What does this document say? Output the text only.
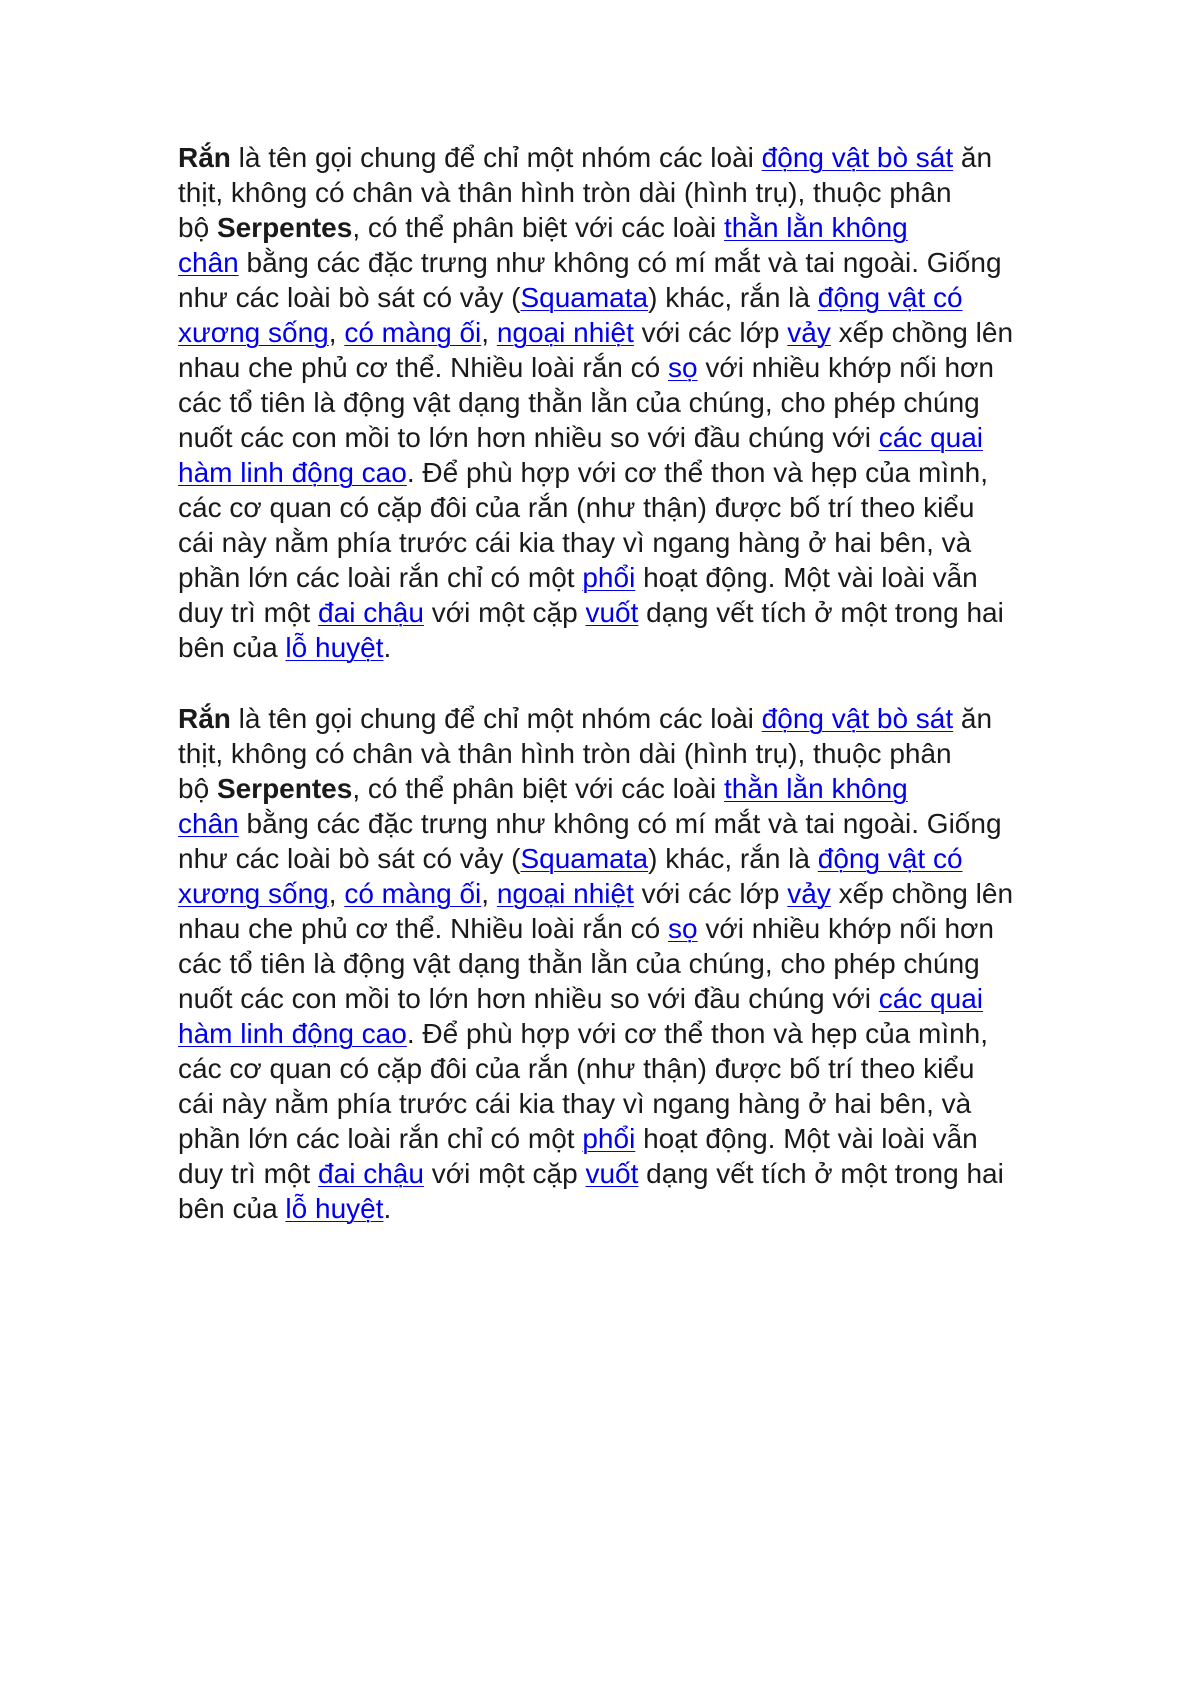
Rắn là tên gọi chung để chỉ một nhóm các loài động vật bò sát ăn
thịt, không có chân và thân hình tròn dài (hình trụ), thuộc phân
bộ Serpentes, có thể phân biệt với các loài thằn lằn không
chân bằng các đặc trưng như không có mí mắt và tai ngoài. Giống
như các loài bò sát có vảy (Squamata) khác, rắn là động vật có
xương sống, có màng ối, ngoại nhiệt với các lớp vảy xếp chồng lên
nhau che phủ cơ thể. Nhiều loài rắn có sọ với nhiều khớp nối hơn
các tổ tiên là động vật dạng thằn lằn của chúng, cho phép chúng
nuốt các con mồi to lớn hơn nhiều so với đầu chúng với các quai
hàm linh động cao. Để phù hợp với cơ thể thon và hẹp của mình,
các cơ quan có cặp đôi của rắn (như thận) được bố trí theo kiểu
cái này nằm phía trước cái kia thay vì ngang hàng ở hai bên, và
phần lớn các loài rắn chỉ có một phổi hoạt động. Một vài loài vẫn
duy trì một đai chậu với một cặp vuốt dạng vết tích ở một trong hai
bên của lỗ huyệt.

Rắn là tên gọi chung để chỉ một nhóm các loài động vật bò sát ăn
thịt, không có chân và thân hình tròn dài (hình trụ), thuộc phân
bộ Serpentes, có thể phân biệt với các loài thằn lằn không
chân bằng các đặc trưng như không có mí mắt và tai ngoài. Giống
như các loài bò sát có vảy (Squamata) khác, rắn là động vật có
xương sống, có màng ối, ngoại nhiệt với các lớp vảy xếp chồng lên
nhau che phủ cơ thể. Nhiều loài rắn có sọ với nhiều khớp nối hơn
các tổ tiên là động vật dạng thằn lằn của chúng, cho phép chúng
nuốt các con mồi to lớn hơn nhiều so với đầu chúng với các quai
hàm linh động cao. Để phù hợp với cơ thể thon và hẹp của mình,
các cơ quan có cặp đôi của rắn (như thận) được bố trí theo kiểu
cái này nằm phía trước cái kia thay vì ngang hàng ở hai bên, và
phần lớn các loài rắn chỉ có một phổi hoạt động. Một vài loài vẫn
duy trì một đai chậu với một cặp vuốt dạng vết tích ở một trong hai
bên của lỗ huyệt.
